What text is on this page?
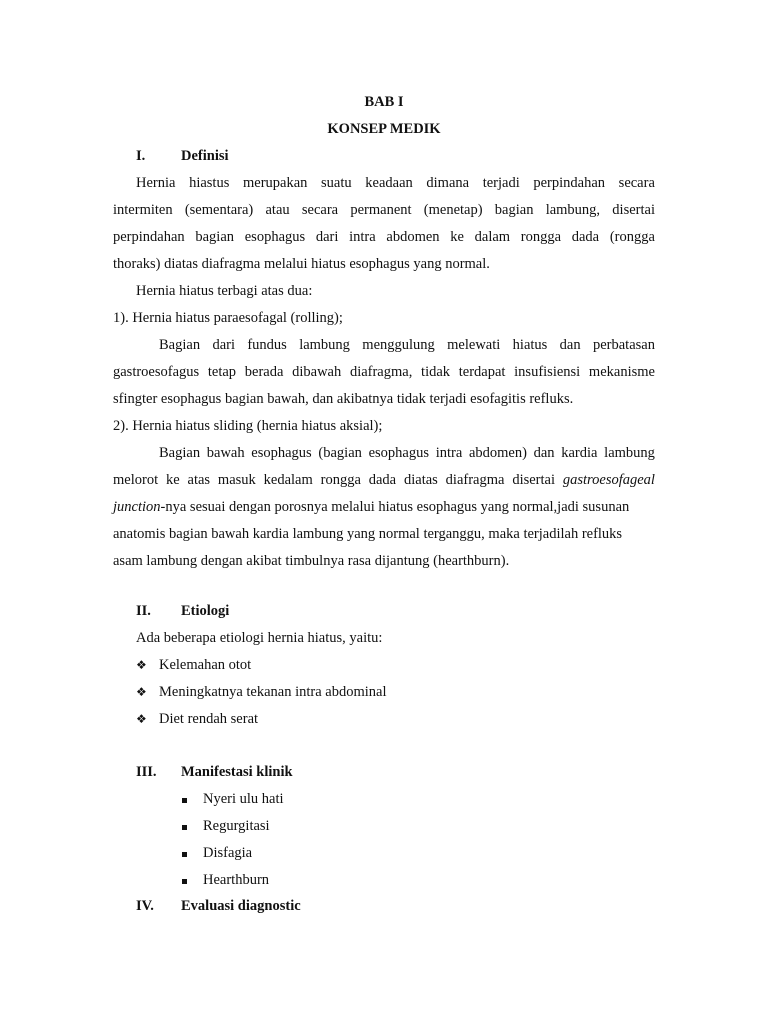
BAB I
KONSEP MEDIK
I. Definisi
Hernia hiastus merupakan suatu keadaan dimana terjadi perpindahan secara
intermiten (sementara) atau secara permanent (menetap) bagian lambung, disertai
perpindahan bagian esophagus dari intra abdomen ke dalam rongga dada (rongga
thoraks) diatas diafragma melalui hiatus esophagus yang normal.
Hernia hiatus terbagi atas dua:
1). Hernia hiatus paraesofagal (rolling);
Bagian dari fundus lambung menggulung melewati hiatus dan perbatasan
gastroesofagus tetap berada dibawah diafragma, tidak terdapat insufisiensi mekanisme
sfingter esophagus bagian bawah, dan akibatnya tidak terjadi esofagitis refluks.
2). Hernia hiatus sliding (hernia hiatus aksial);
Bagian bawah esophagus (bagian esophagus intra abdomen) dan kardia lambung
melorot ke atas masuk kedalam rongga dada diatas diafragma disertai gastroesofageal
junction-nya sesuai dengan porosnya melalui hiatus esophagus yang normal,jadi susunan
anatomis bagian bawah kardia lambung yang normal terganggu, maka terjadilah refluks
asam lambung dengan akibat timbulnya rasa dijantung (hearthburn).
II. Etiologi
Ada beberapa etiologi hernia hiatus, yaitu:
❖ Kelemahan otot
❖ Meningkatnya tekanan intra abdominal
❖ Diet rendah serat
III. Manifestasi klinik
Nyeri ulu hati
Regurgitasi
Disfagia
Hearthburn
IV. Evaluasi diagnostic
